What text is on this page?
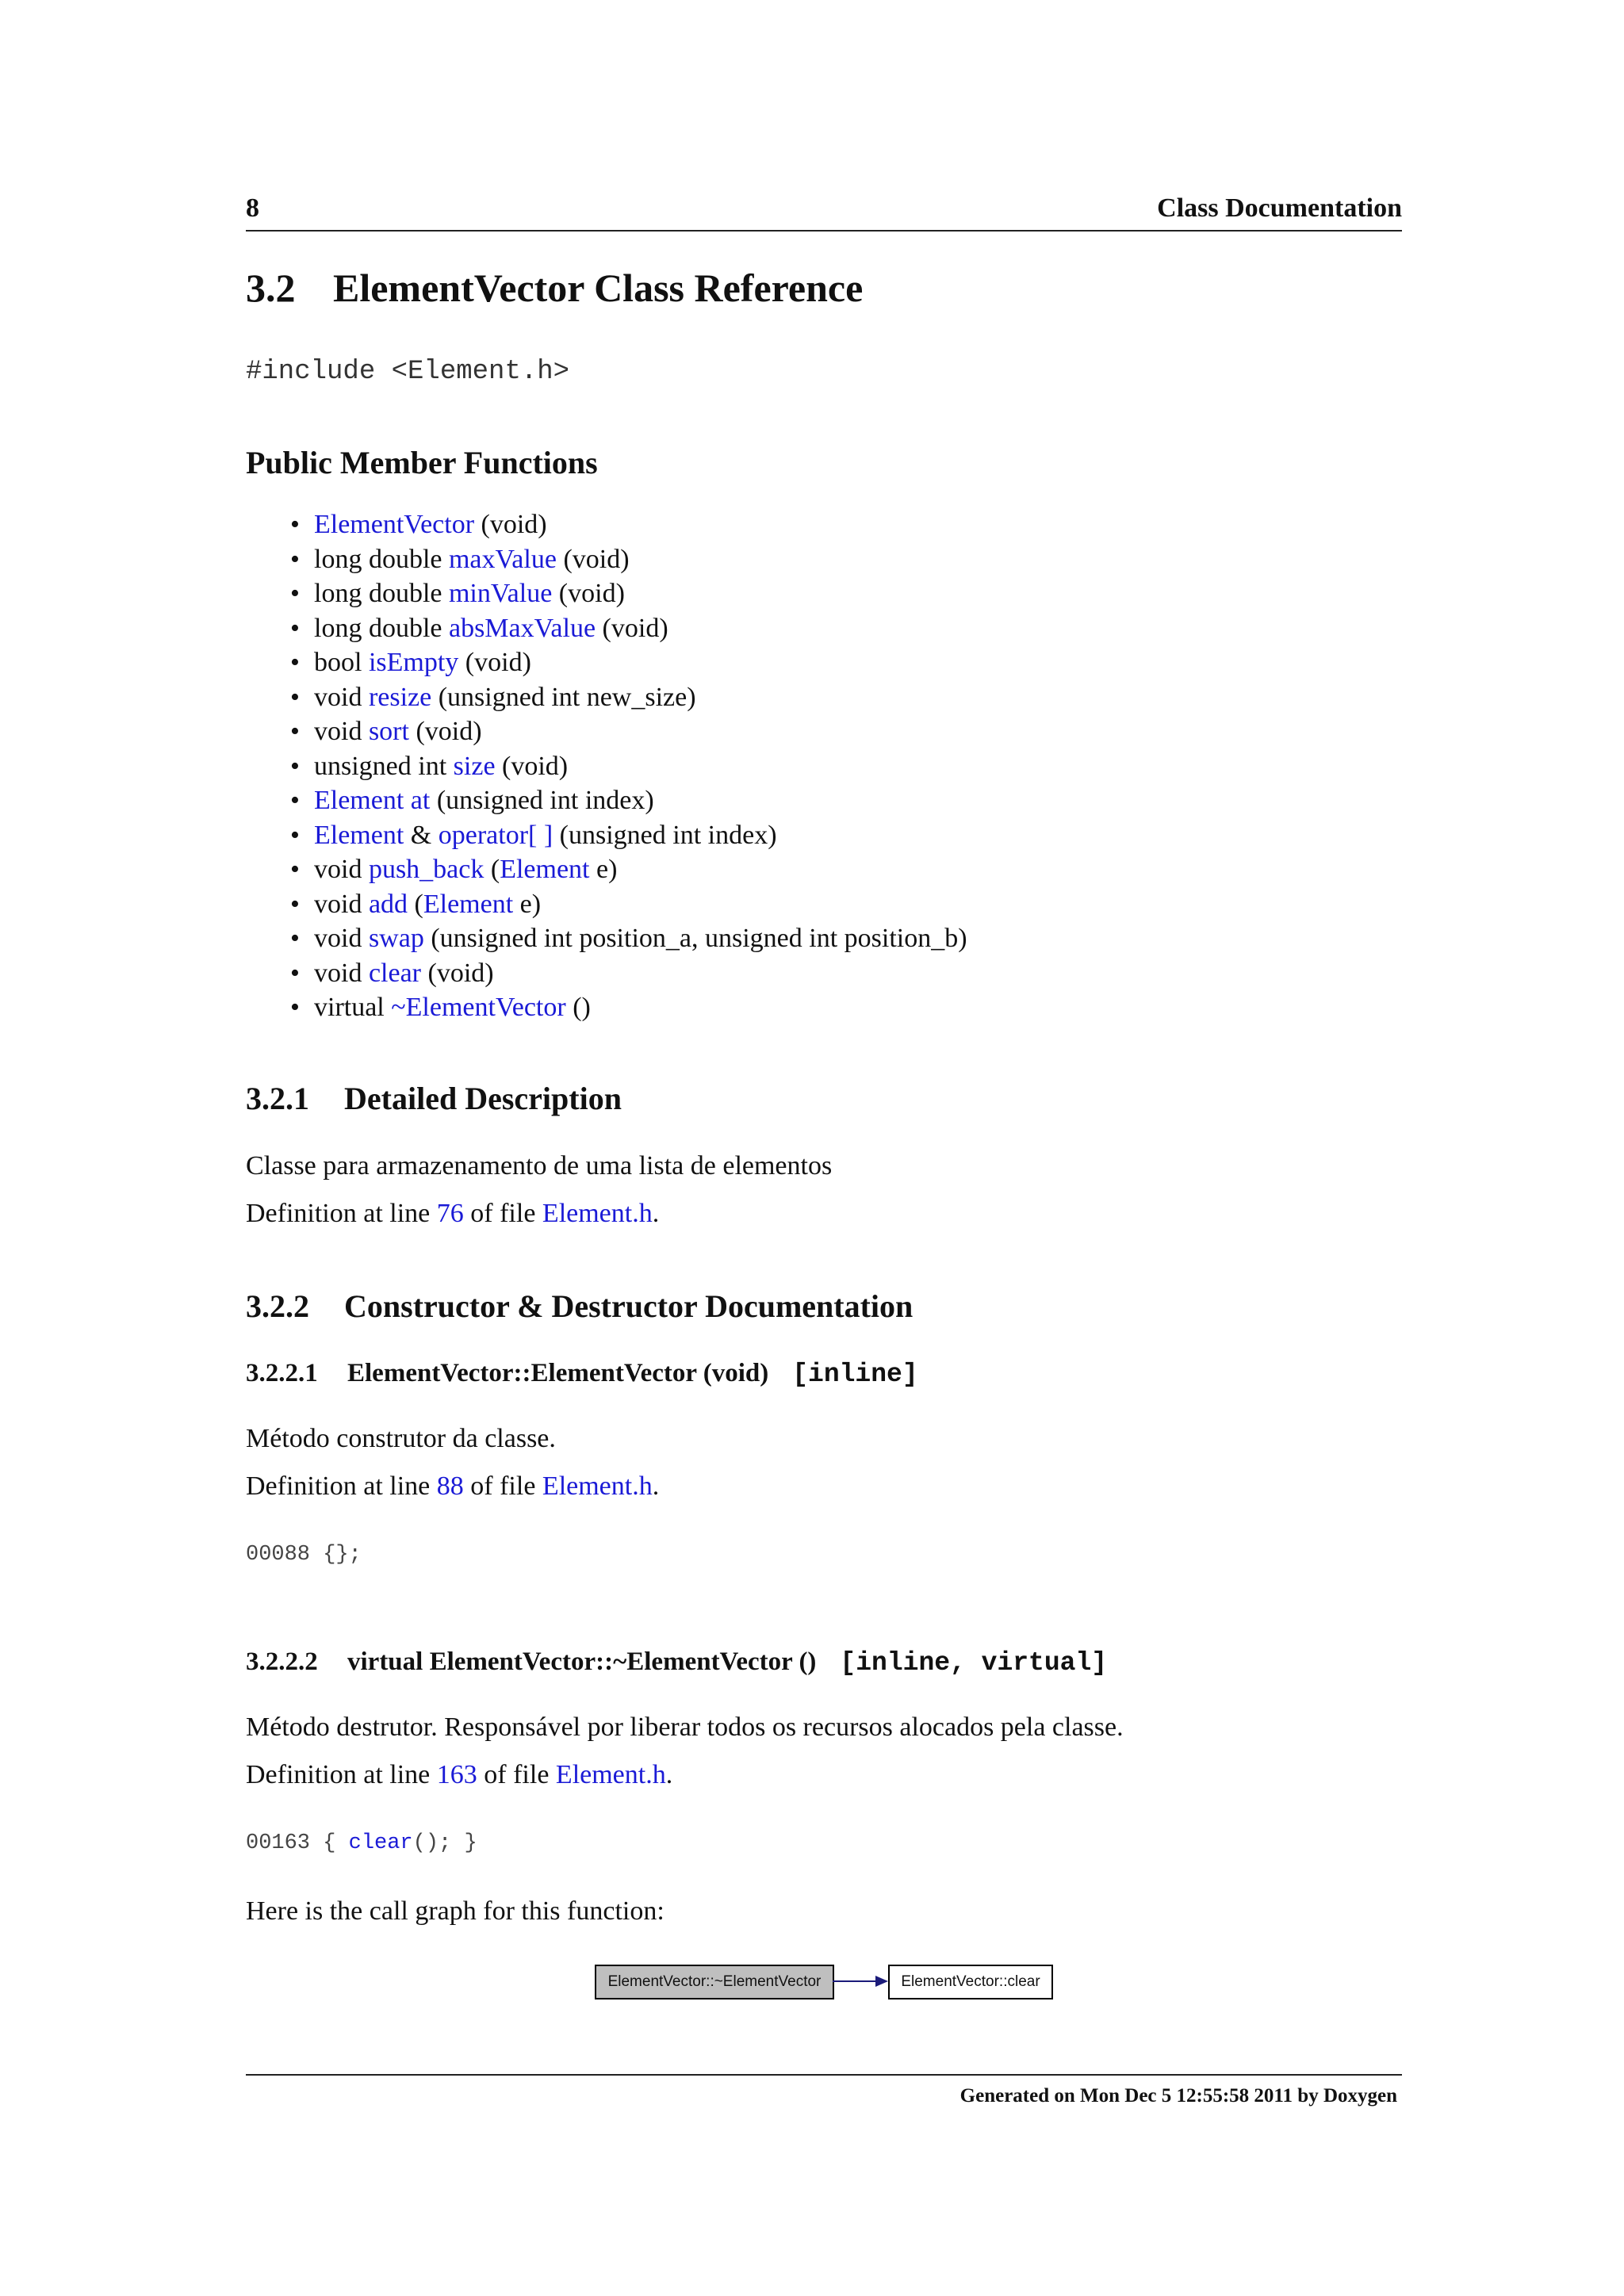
8	Class Documentation
3.2 ElementVector Class Reference
#include <Element.h>
Public Member Functions
• ElementVector (void)
• long double maxValue (void)
• long double minValue (void)
• long double absMaxValue (void)
• bool isEmpty (void)
• void resize (unsigned int new_size)
• void sort (void)
• unsigned int size (void)
• Element at (unsigned int index)
• Element & operator[ ] (unsigned int index)
• void push_back (Element e)
• void add (Element e)
• void swap (unsigned int position_a, unsigned int position_b)
• void clear (void)
• virtual ~ElementVector ()
3.2.1 Detailed Description
Classe para armazenamento de uma lista de elementos
Definition at line 76 of file Element.h.
3.2.2 Constructor & Destructor Documentation
3.2.2.1 ElementVector::ElementVector (void) [inline]
Método construtor da classe.
Definition at line 88 of file Element.h.
00088 {};
3.2.2.2 virtual ElementVector::~ElementVector () [inline, virtual]
Método destrutor. Responsável por liberar todos os recursos alocados pela classe.
Definition at line 163 of file Element.h.
00163 { clear(); }
Here is the call graph for this function:
ElementVector::~ElementVector	ElementVector::clear
Generated on Mon Dec 5 12:55:58 2011 by Doxygen
